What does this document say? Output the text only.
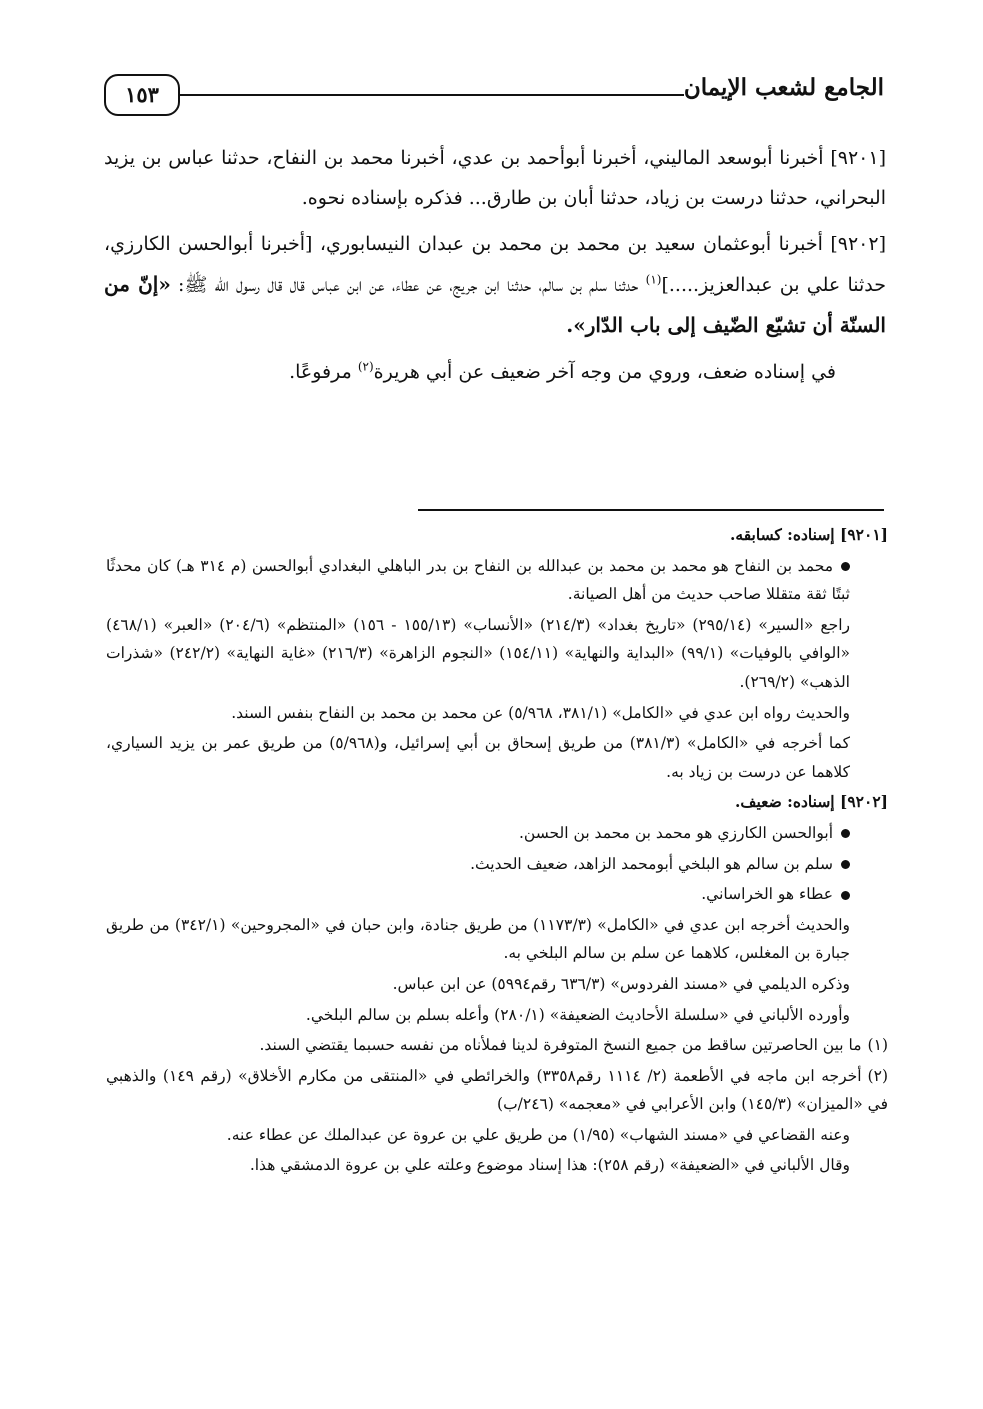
الجامع لشعب الإيمان
١٥٣

[٩٢٠١] أخبرنا أبوسعد الماليني، أخبرنا أبوأحمد بن عدي، أخبرنا محمد بن النفاح، حدثنا عباس بن يزيد البحراني، حدثنا درست بن زياد، حدثنا أبان بن طارق... فذكره بإسناده نحوه.

[٩٢٠٢] أخبرنا أبوعثمان سعيد بن محمد بن محمد بن عبدان النيسابوري، [أخبرنا أبوالحسن الكارزي، حدثنا علي بن عبدالعزيز.....]$^{(١)}$ حدثنا سلم بن سالم، حدثنا ابن جريج، عن عطاء، عن ابن عباس قال قال رسول الله ﷺ: «إنّ من السنّة أن تشيّع الضّيف إلى باب الدّار».

في إسناده ضعف، وروي من وجه آخر ضعيف عن أبي هريرة$^{(٢)}$ مرفوعًا.

[٩٢٠١] إسناده: كسابقه.

محمد بن النفاح هو محمد بن محمد بن عبدالله بن النفاح بن بدر الباهلي البغدادي أبوالحسن (م ٣١٤ هـ) كان محدثًا ثبتًا ثقة متقللا صاحب حديث من أهل الصيانة.

راجع «السير» (٢٩٥/١٤) «تاريخ بغداد» (٢١٤/٣) «الأنساب» (١٥٥/١٣ - ١٥٦) «المنتظم» (٢٠٤/٦) «العبر» (٤٦٨/١) «الوافي بالوفيات» (٩٩/١) «البداية والنهاية» (١٥٤/١١) «النجوم الزاهرة» (٢١٦/٣) «غاية النهاية» (٢٤٢/٢) «شذرات الذهب» (٢٦٩/٢).

والحديث رواه ابن عدي في «الكامل» (٣٨١/١، ٥/٩٦٨) عن محمد بن محمد بن النفاح بنفس السند.

كما أخرجه في «الكامل» (٣٨١/٣) من طريق إسحاق بن أبي إسرائيل، و(٥/٩٦٨) من طريق عمر بن يزيد السياري، كلاهما عن درست بن زياد به.

[٩٢٠٢] إسناده: ضعيف.

أبوالحسن الكارزي هو محمد بن محمد بن الحسن.

سلم بن سالم هو البلخي أبومحمد الزاهد، ضعيف الحديث.

عطاء هو الخراساني.

والحديث أخرجه ابن عدي في «الكامل» (١١٧٣/٣) من طريق جنادة، وابن حبان في «المجروحين» (٣٤٢/١) من طريق جبارة بن المغلس، كلاهما عن سلم بن سالم البلخي به.

وذكره الديلمي في «مسند الفردوس» (٦٣٦/٣ رقم٥٩٩٤) عن ابن عباس.

وأورده الألباني في «سلسلة الأحاديث الضعيفة» (٢٨٠/١) وأعله بسلم بن سالم البلخي.

(١)ما بين الحاصرتين ساقط من جميع النسخ المتوفرة لدينا فملأناه من نفسه حسبما يقتضي السند.

(٢)أخرجه ابن ماجه في الأطعمة (٢/ ١١١٤ رقم٣٣٥٨) والخرائطي في «المنتقى من مكارم الأخلاق» (رقم ١٤٩) والذهبي في «الميزان» (١٤٥/٣) وابن الأعرابي في «معجمه» (٢٤٦/ب)

وعنه القضاعي في «مسند الشهاب» (١/٩٥) من طريق علي بن عروة عن عبدالملك عن عطاء عنه.

وقال الألباني في «الضعيفة» (رقم ٢٥٨): هذا إسناد موضوع وعلته علي بن عروة الدمشقي هذا.
